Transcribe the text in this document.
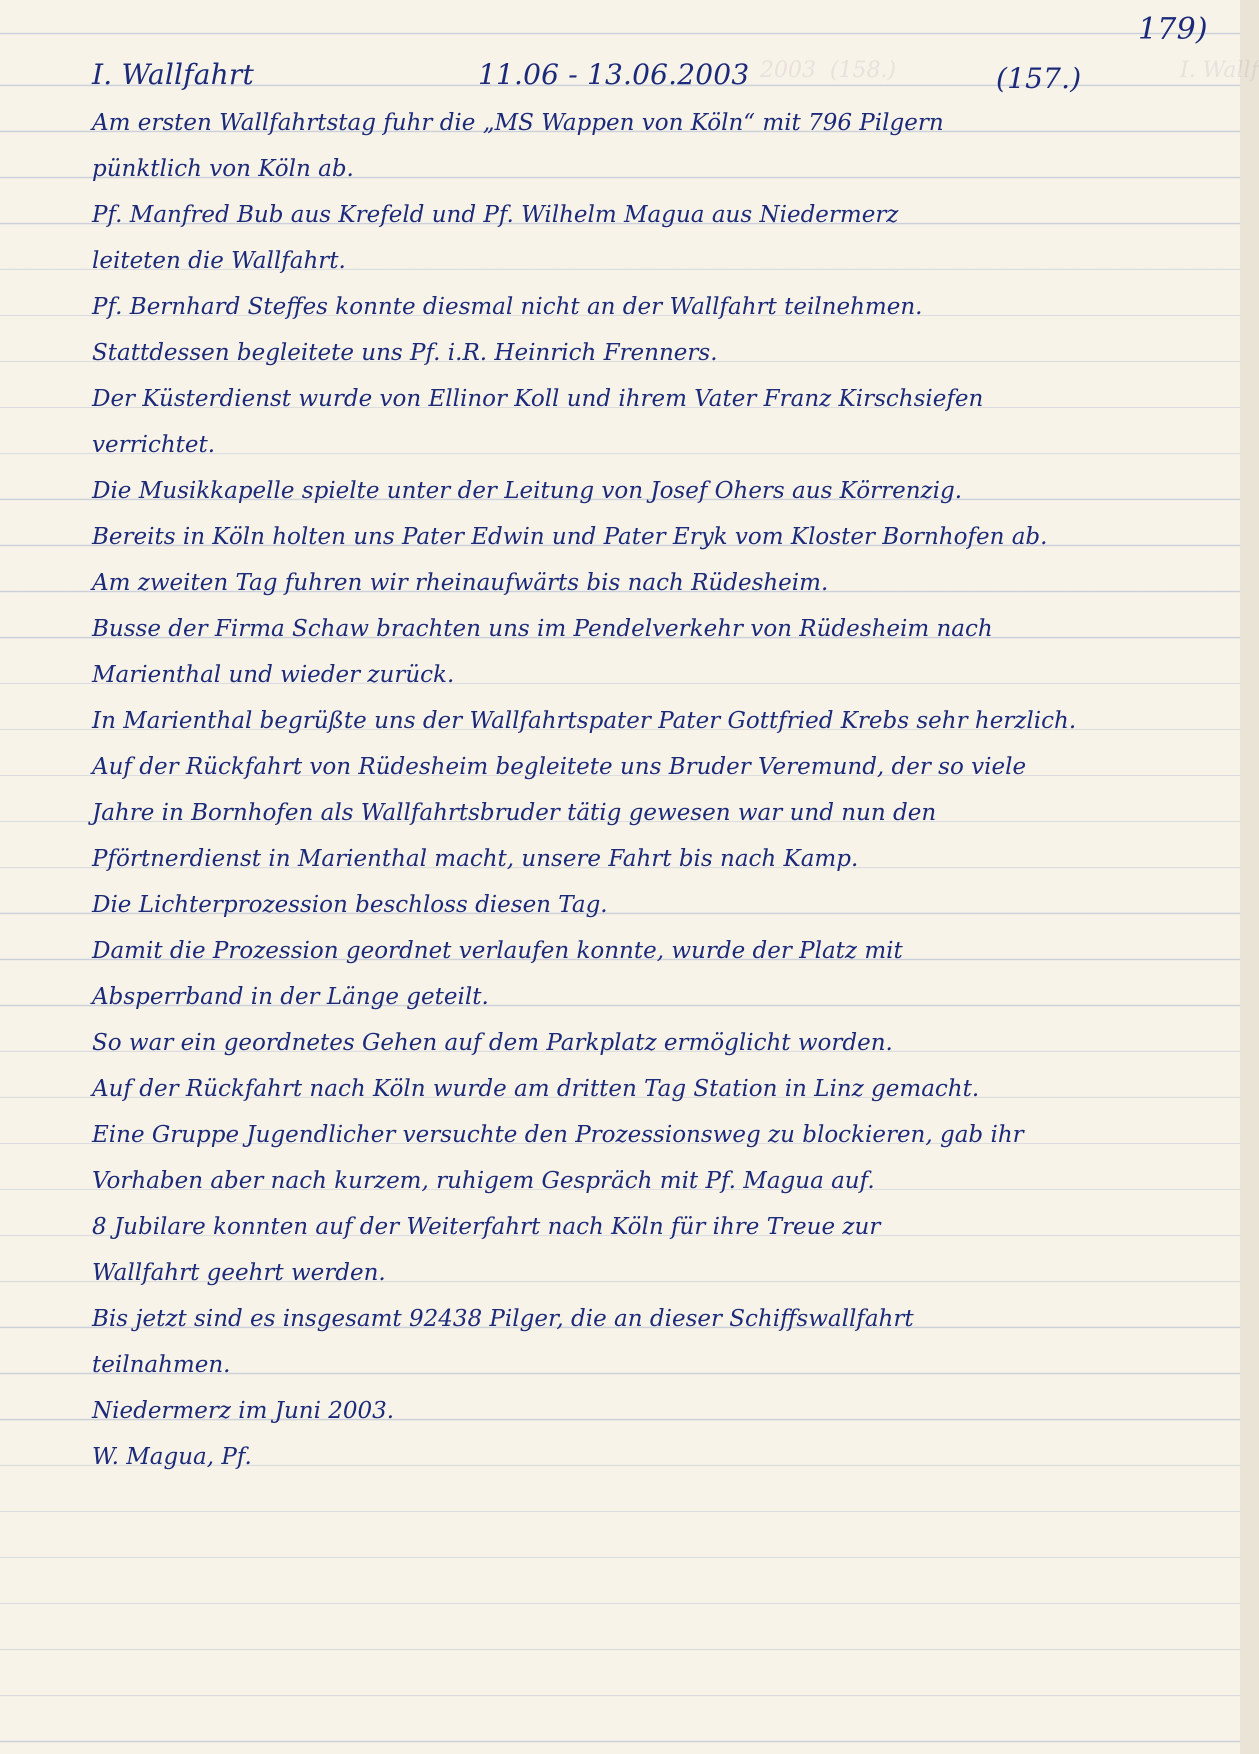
I. Wallf
2003  (158.)
179)
I. Wallfahrt	11.06 - 13.06.2003	(157.)
Am ersten Wallfahrtstag fuhr die „MS Wappen von Köln“ mit 796 Pilgern
pünktlich von Köln ab.
Pf. Manfred Bub aus Krefeld und Pf. Wilhelm Magua aus Niedermerz
leiteten die Wallfahrt.
Pf. Bernhard Steffes konnte diesmal nicht an der Wallfahrt teilnehmen.
Stattdessen begleitete uns Pf. i.R. Heinrich Frenners.
Der Küsterdienst wurde von Ellinor Koll und ihrem Vater Franz Kirschsiefen
verrichtet.
Die Musikkapelle spielte unter der Leitung von Josef Ohers aus Körrenzig.
Bereits in Köln holten uns Pater Edwin und Pater Eryk vom Kloster Bornhofen ab.
Am zweiten Tag fuhren wir rheinaufwärts bis nach Rüdesheim.
Busse der Firma Schaw brachten uns im Pendelverkehr von Rüdesheim nach
Marienthal und wieder zurück.
In Marienthal begrüßte uns der Wallfahrtspater Pater Gottfried Krebs sehr herzlich.
Auf der Rückfahrt von Rüdesheim begleitete uns Bruder Veremund, der so viele
Jahre in Bornhofen als Wallfahrtsbruder tätig gewesen war und nun den
Pförtnerdienst in Marienthal macht, unsere Fahrt bis nach Kamp.
Die Lichterprozession beschloss diesen Tag.
Damit die Prozession geordnet verlaufen konnte, wurde der Platz mit
Absperrband in der Länge geteilt.
So war ein geordnetes Gehen auf dem Parkplatz ermöglicht worden.
Auf der Rückfahrt nach Köln wurde am dritten Tag Station in Linz gemacht.
Eine Gruppe Jugendlicher versuchte den Prozessionsweg zu blockieren, gab ihr
Vorhaben aber nach kurzem, ruhigem Gespräch mit Pf. Magua auf.
8 Jubilare konnten auf der Weiterfahrt nach Köln für ihre Treue zur
Wallfahrt geehrt werden.
Bis jetzt sind es insgesamt 92438 Pilger, die an dieser Schiffswallfahrt
teilnahmen.
Niedermerz im Juni 2003.
W. Magua, Pf.
